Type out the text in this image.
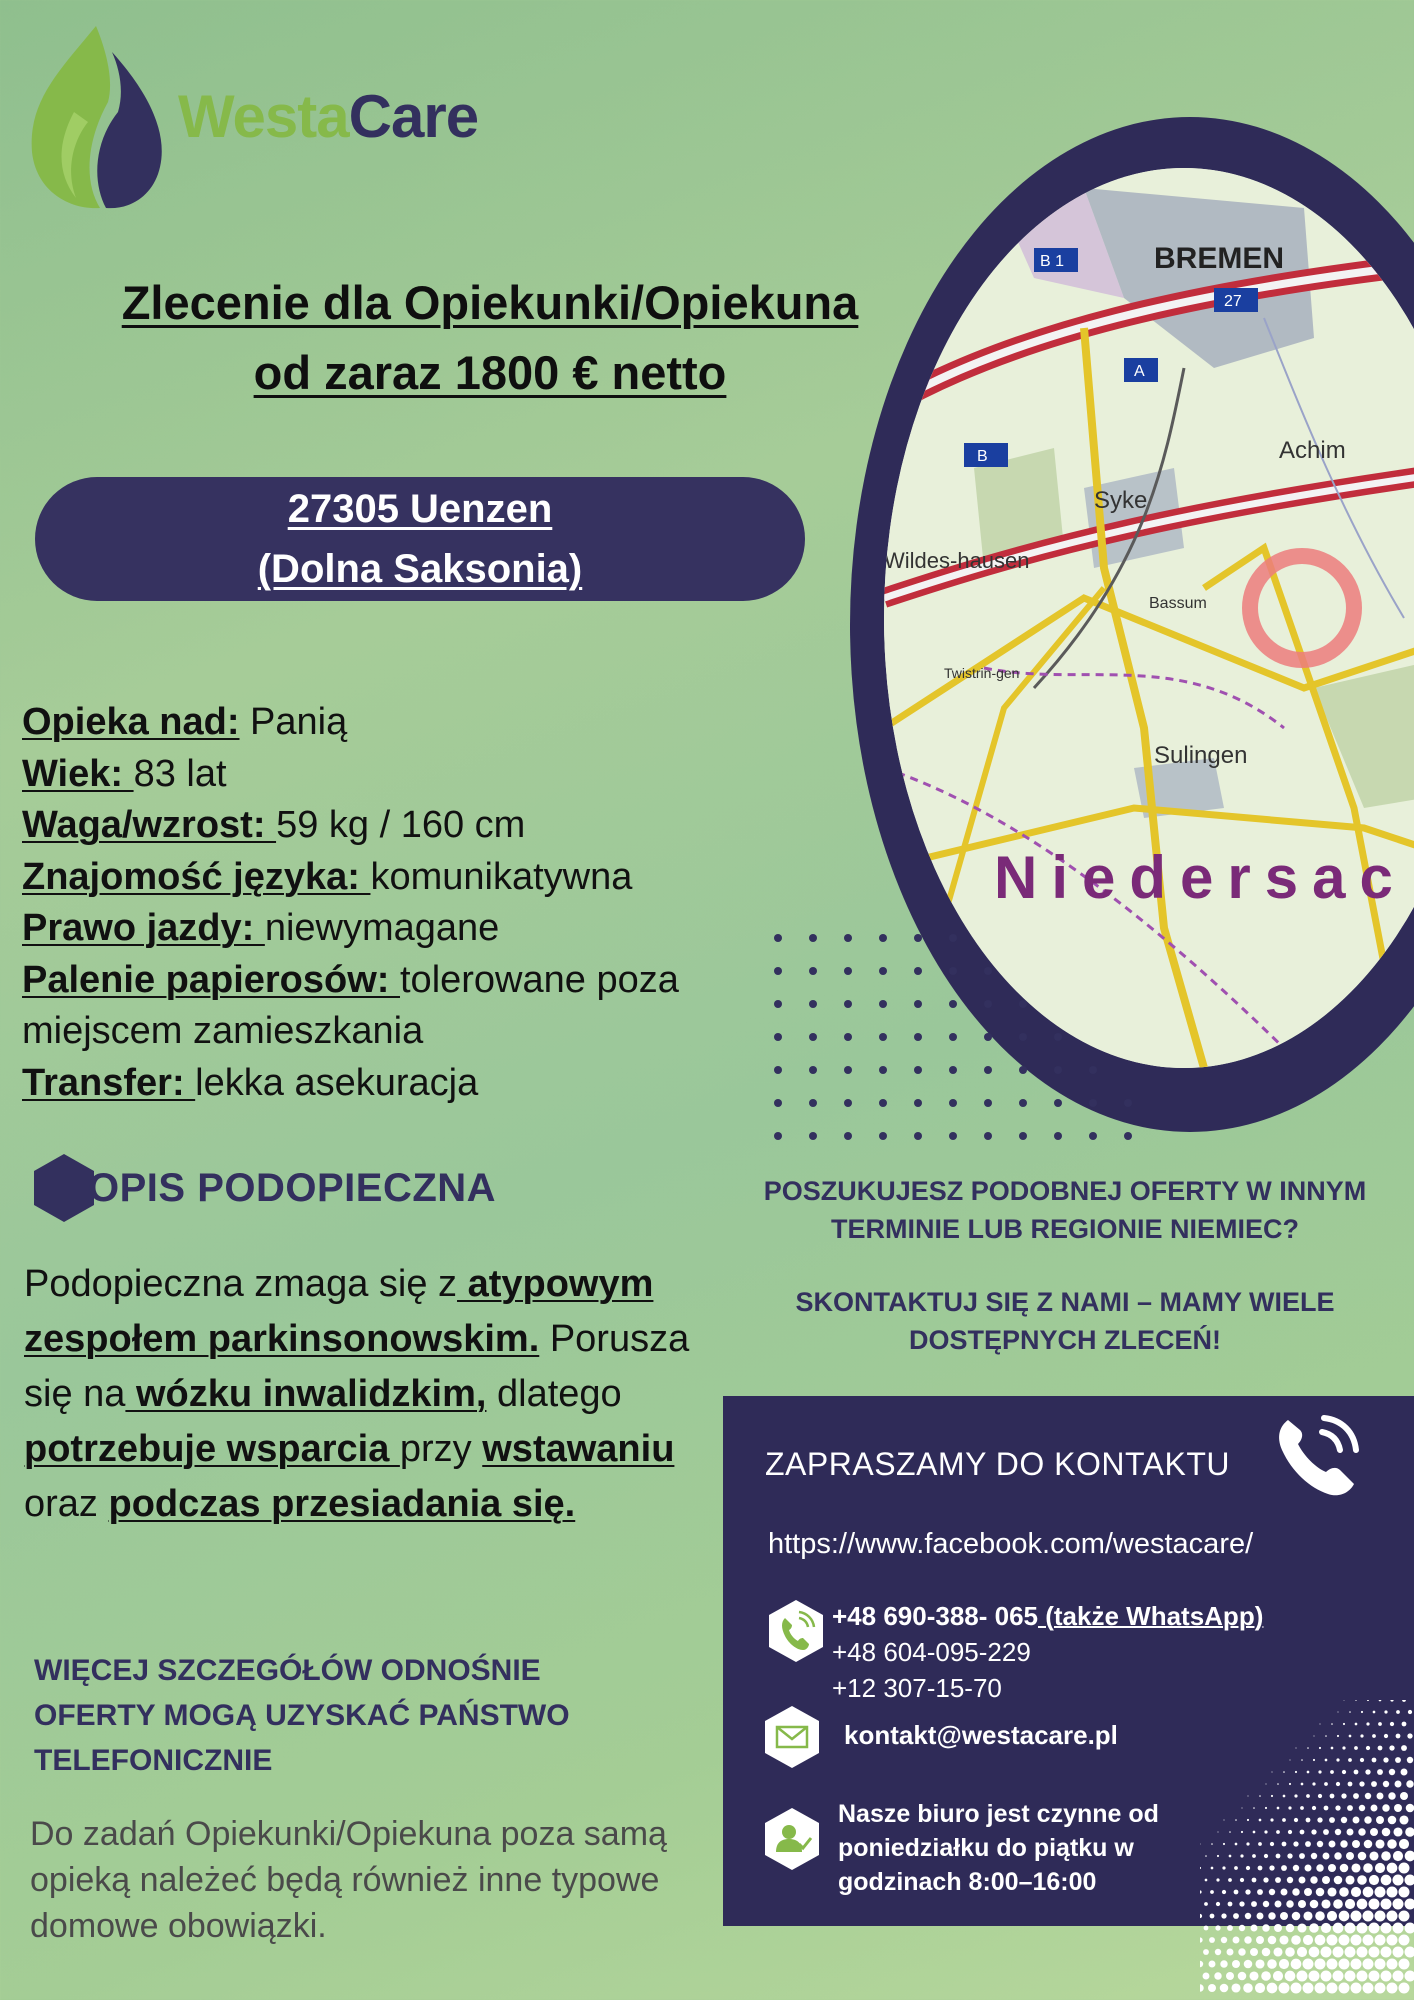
WestaCare
Zlecenie dla Opiekunki/Opiekuna
od zaraz 1800 € netto
27305 Uenzen
(Dolna Saksonia)
BREMEN
Achim
Syke
Bassum
Sulingen
Wildes-hausen
Twistrin-gen
Niedersac
B 1
27
A
B
Opieka nad: Panią
Wiek: 83 lat
Waga/wzrost: 59 kg / 160 cm
Znajomość języka: komunikatywna
Prawo jazdy: niewymagane
Palenie papierosów: tolerowane poza miejscem zamieszkania
Transfer: lekka asekuracja
OPIS PODOPIECZNA
Podopieczna zmaga się z atypowym zespołem parkinsonowskim. Porusza się na wózku inwalidzkim, dlatego potrzebuje wsparcia przy wstawaniu oraz podczas przesiadania się.
WIĘCEJ SZCZEGÓŁÓW ODNOŚNIE OFERTY MOGĄ UZYSKAĆ PAŃSTWO TELEFONICZNIE
Do zadań Opiekunki/Opiekuna poza samą opieką należeć będą również inne typowe domowe obowiązki.
POSZUKUJESZ PODOBNEJ OFERTY W INNYM TERMINIE LUB REGIONIE NIEMIEC?
SKONTAKTUJ SIĘ Z NAMI – MAMY WIELE DOSTĘPNYCH ZLECEŃ!
ZAPRASZAMY DO KONTAKTU
https://www.facebook.com/westacare/
+48 690-388- 065 (także WhatsApp)
+48 604-095-229
+12 307-15-70
kontakt@westacare.pl
Nasze biuro jest czynne od poniedziałku do piątku w godzinach 8:00–16:00
